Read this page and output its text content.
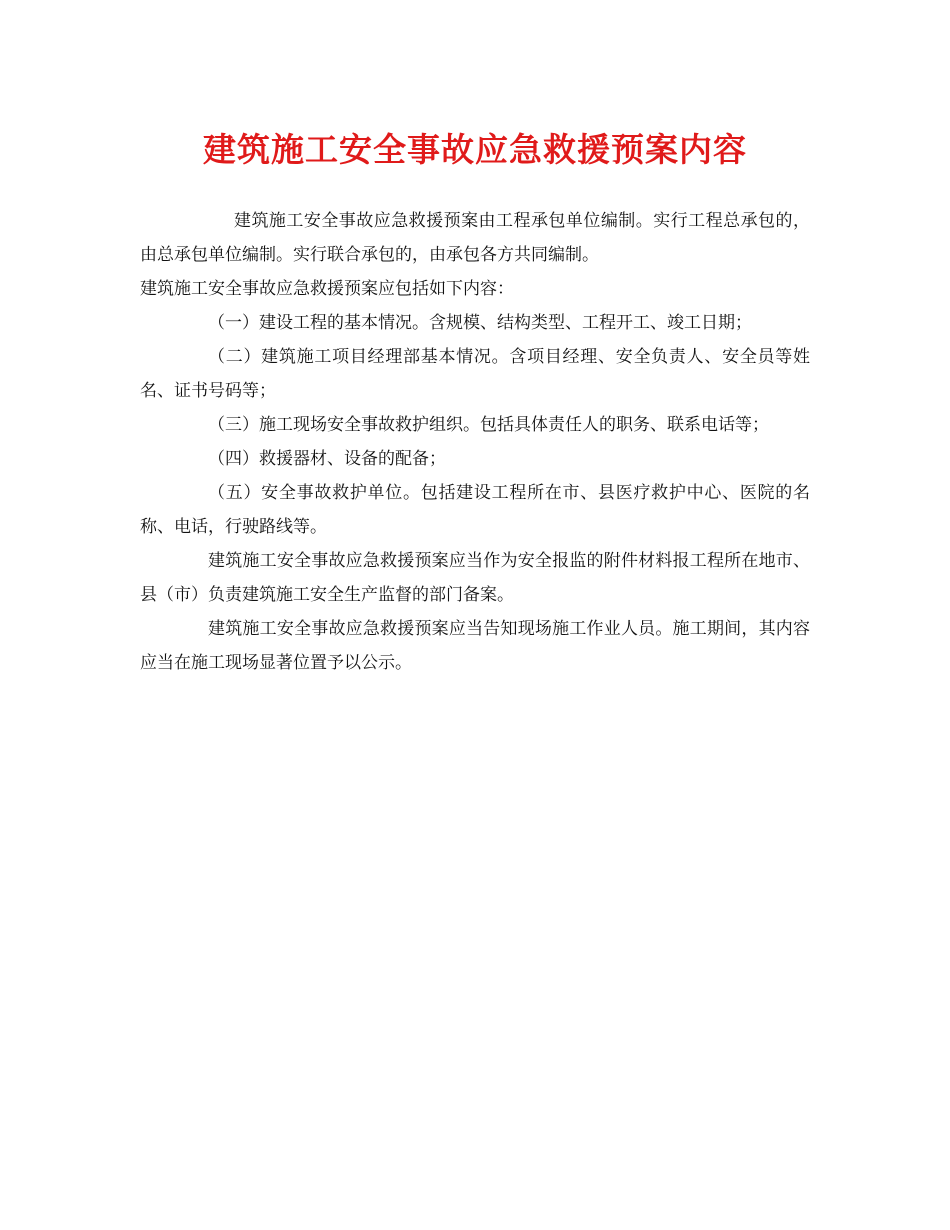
建筑施工安全事故应急救援预案内容

建筑施工安全事故应急救援预案由工程承包单位编制。实行工程总承包的，由总承包单位编制。实行联合承包的，由承包各方共同编制。

建筑施工安全事故应急救援预案应包括如下内容：

（一）建设工程的基本情况。含规模、结构类型、工程开工、竣工日期；

（二）建筑施工项目经理部基本情况。含项目经理、安全负责人、安全员等姓名、证书号码等；

（三）施工现场安全事故救护组织。包括具体责任人的职务、联系电话等；

（四）救援器材、设备的配备；

（五）安全事故救护单位。包括建设工程所在市、县医疗救护中心、医院的名称、电话，行驶路线等。

建筑施工安全事故应急救援预案应当作为安全报监的附件材料报工程所在地市、县（市）负责建筑施工安全生产监督的部门备案。

建筑施工安全事故应急救援预案应当告知现场施工作业人员。施工期间，其内容应当在施工现场显著位置予以公示。
